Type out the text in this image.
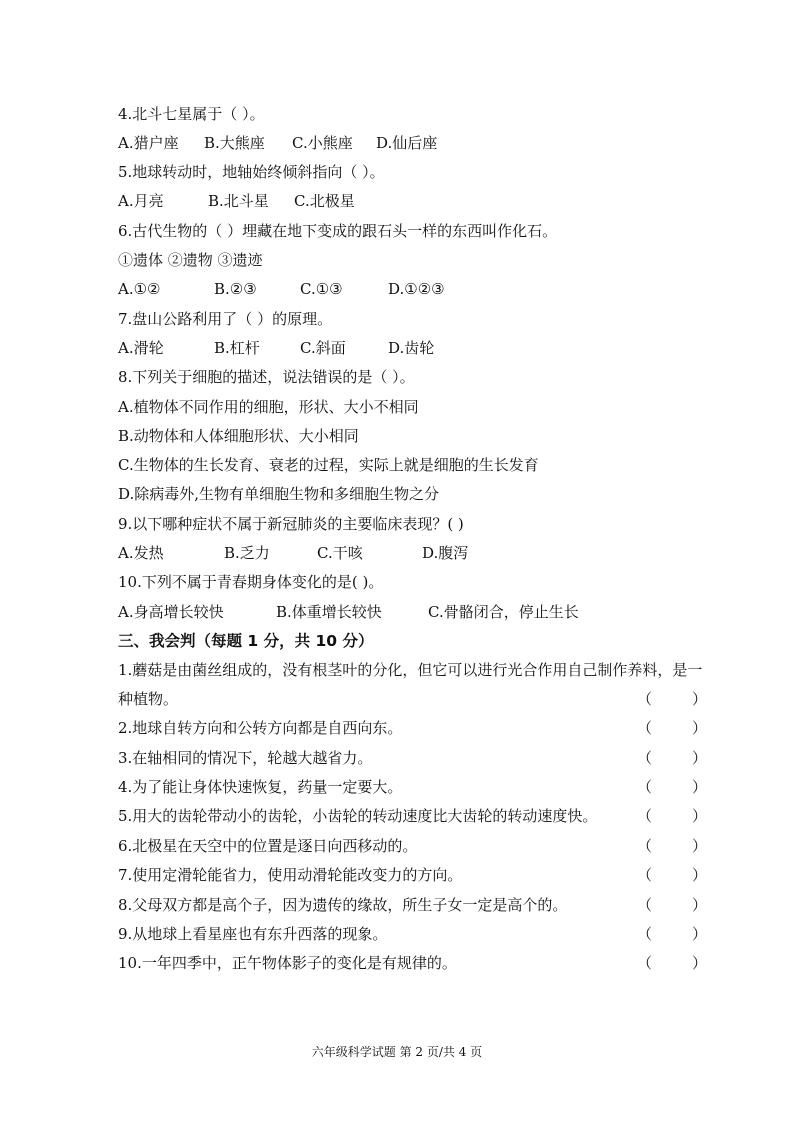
4.北斗七星属于（ ）。
A.猎户座 B.大熊座 C.小熊座 D.仙后座
5.地球转动时，地轴始终倾斜指向（ ）。
A.月亮	B.北斗星 C.北极星
6.古代生物的（ ）埋藏在地下变成的跟石头一样的东西叫作化石。
①遗体 ②遗物 ③遗迹
A.①②	B.②③	C.①③	D.①②③
7.盘山公路利用了（ ）的原理。
A.滑轮	B.杠杆	C.斜面	D.齿轮
8.下列关于细胞的描述，说法错误的是（ ）。
A.植物体不同作用的细胞，形状、大小不相同
B.动物体和人体细胞形状、大小相同
C.生物体的生长发育、衰老的过程，实际上就是细胞的生长发育
D.除病毒外,生物有单细胞生物和多细胞生物之分
9.以下哪种症状不属于新冠肺炎的主要临床表现？( )
A.发热	B.乏力	C.干咳	D.腹泻
10.下列不属于青春期身体变化的是( )。
A.身高增长较快	B.体重增长较快	C.骨骼闭合，停止生长
三、我会判（每题 1 分，共 10 分）
1.蘑菇是由菌丝组成的，没有根茎叶的分化，但它可以进行光合作用自己制作养料，是一
种植物。	（	）
2.地球自转方向和公转方向都是自西向东。	（	）
3.在轴相同的情况下，轮越大越省力。	（	）
4.为了能让身体快速恢复，药量一定要大。	（	）
5.用大的齿轮带动小的齿轮，小齿轮的转动速度比大齿轮的转动速度快。	（	）
6.北极星在天空中的位置是逐日向西移动的。	（	）
7.使用定滑轮能省力，使用动滑轮能改变力的方向。	（	）
8.父母双方都是高个子，因为遗传的缘故，所生子女一定是高个的。	（	）
9.从地球上看星座也有东升西落的现象。	（	）
10.一年四季中，正午物体影子的变化是有规律的。	（	）
六年级科学试题 第 2 页/共 4 页
